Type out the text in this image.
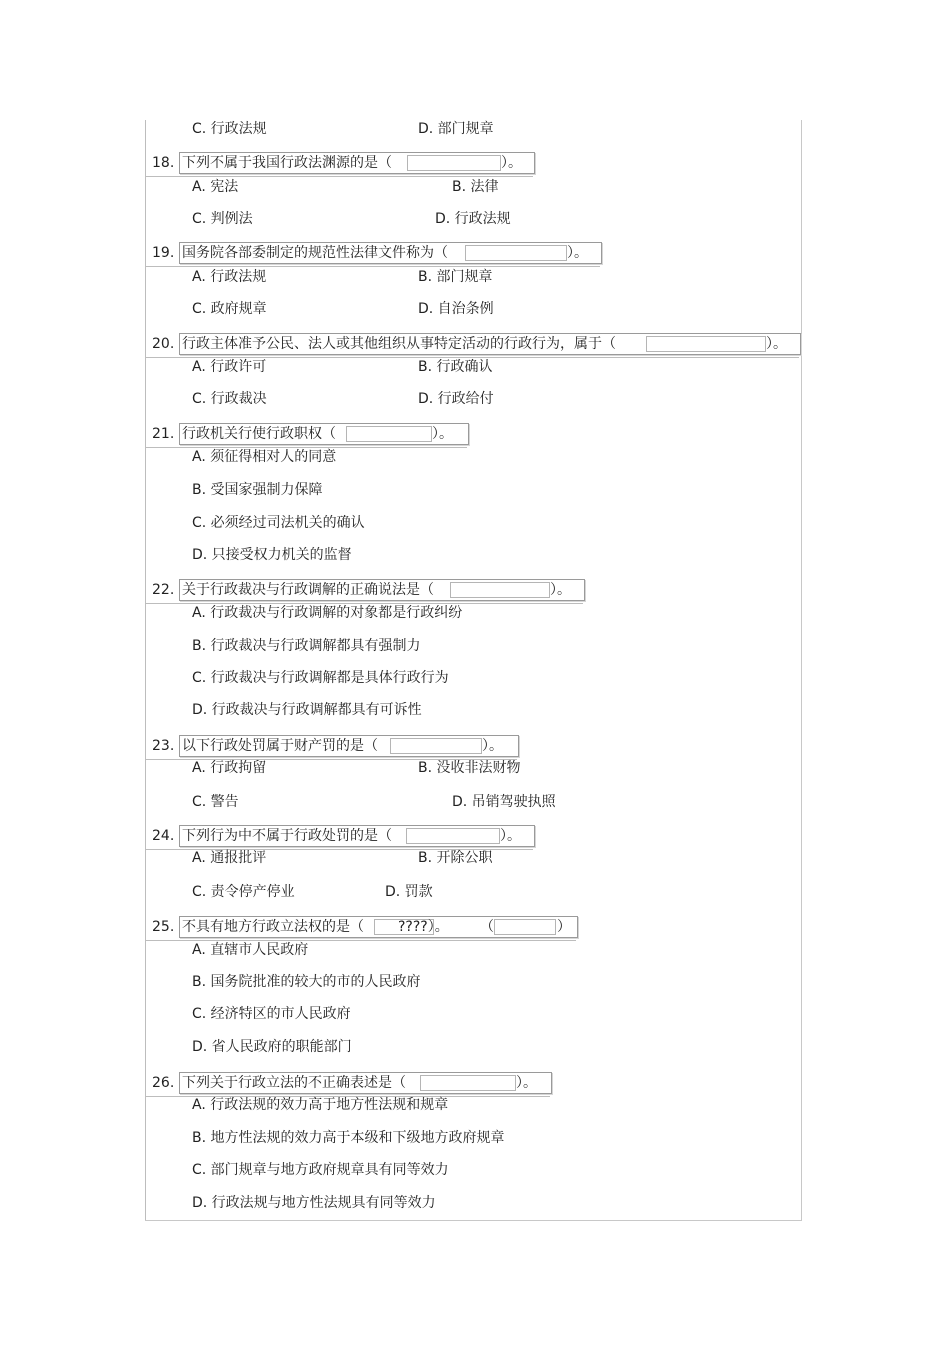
C. 行政法规	D. 部门规章
18. 下列不属于我国行政法渊源的是（	）。
A. 宪法	B. 法律
C. 判例法	D. 行政法规
19. 国务院各部委制定的规范性法律文件称为（	）。
A. 行政法规	B. 部门规章
C. 政府规章	D. 自治条例
20. 行政主体准予公民、法人或其他组织从事特定活动的行政行为，属于（	）。
A. 行政许可	B. 行政确认
C. 行政裁决	D. 行政给付
21. 行政机关行使行政职权（	）。
A. 须征得相对人的同意
B. 受国家强制力保障
C. 必须经过司法机关的确认
D. 只接受权力机关的监督
22. 关于行政裁决与行政调解的正确说法是（	）。
A. 行政裁决与行政调解的对象都是行政纠纷
B. 行政裁决与行政调解都具有强制力
C. 行政裁决与行政调解都是具体行政行为
D. 行政裁决与行政调解都具有可诉性
23. 以下行政处罚属于财产罚的是（	）。
A. 行政拘留	B. 没收非法财物
C. 警告	D. 吊销驾驶执照
24. 下列行为中不属于行政处罚的是（	）。
A. 通报批评	B. 开除公职
C. 责令停产停业	D. 罚款
25. 不具有地方行政立法权的是（ ????）。 （	）
A. 直辖市人民政府
B. 国务院批准的较大的市的人民政府
C. 经济特区的市人民政府
D. 省人民政府的职能部门
26. 下列关于行政立法的不正确表述是（	）。
A. 行政法规的效力高于地方性法规和规章
B. 地方性法规的效力高于本级和下级地方政府规章
C. 部门规章与地方政府规章具有同等效力
D. 行政法规与地方性法规具有同等效力
